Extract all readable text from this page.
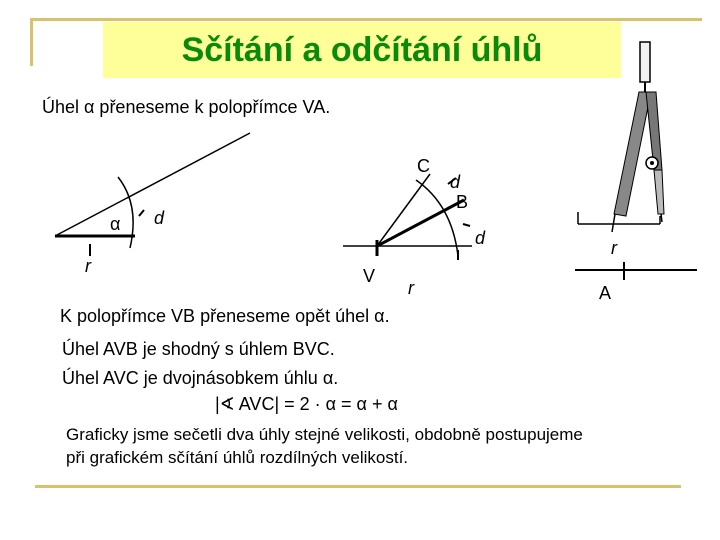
Sčítání a odčítání úhlů
Úhel α přeneseme k polopřímce VA.
α
r
d
C
d
B
d
V
r
r
A
K polopřímce VB přeneseme opět úhel α.
Úhel AVB je shodný s úhlem BVC.
Úhel AVC je dvojnásobkem úhlu α.
|∢ AVC| = 2 · α = α + α
Graficky jsme sečetli dva úhly stejné velikosti, obdobně postupujeme
při grafickém sčítání úhlů rozdílných velikostí.
